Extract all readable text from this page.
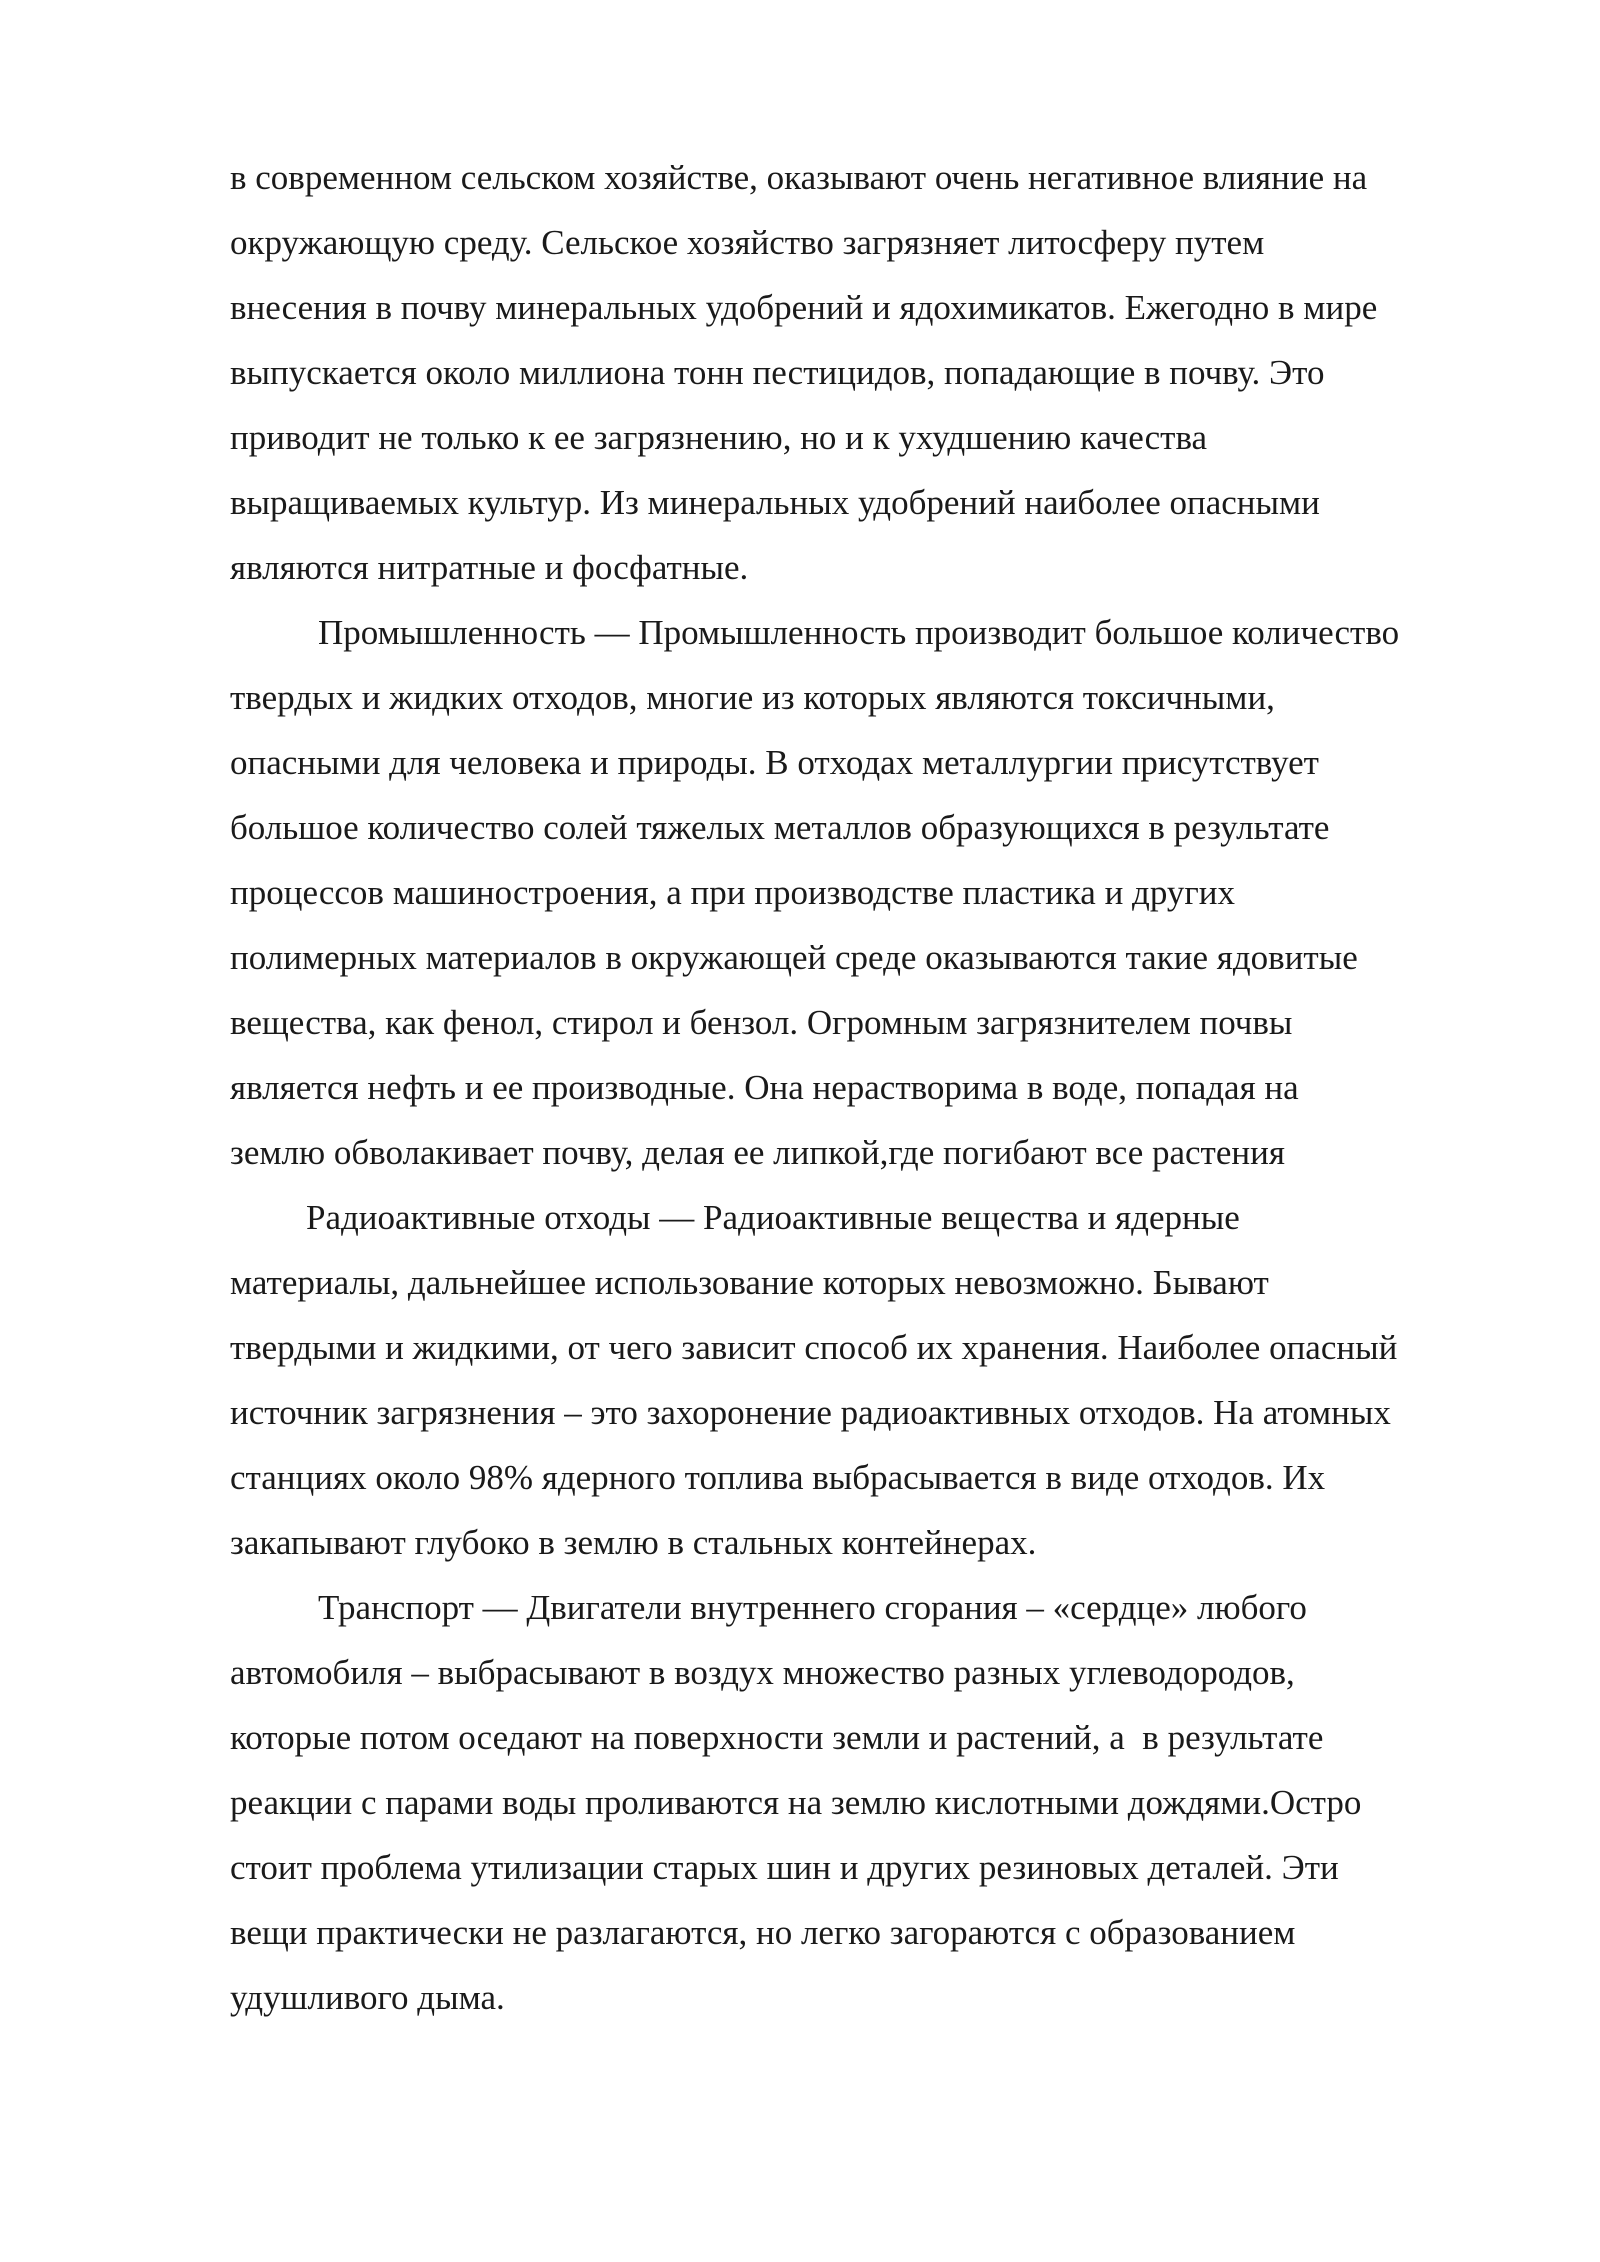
в современном сельском хозяйстве, оказывают очень негативное влияние на
окружающую среду. Сельское хозяйство загрязняет литосферу путем
внесения в почву минеральных удобрений и ядохимикатов. Ежегодно в мире
выпускается около миллиона тонн пестицидов, попадающие в почву. Это
приводит не только к ее загрязнению, но и к ухудшению качества
выращиваемых культур. Из минеральных удобрений наиболее опасными
являются нитратные и фосфатные.
Промышленность — Промышленность производит большое количество
твердых и жидких отходов, многие из которых являются токсичными,
опасными для человека и природы. В отходах металлургии присутствует
большое количество солей тяжелых металлов образующихся в результате
процессов машиностроения, а при производстве пластика и других
полимерных материалов в окружающей среде оказываются такие ядовитые
вещества, как фенол, стирол и бензол. Огромным загрязнителем почвы
является нефть и ее производные. Она нерастворима в воде, попадая на
землю обволакивает почву, делая ее липкой,где погибают все растения
Радиоактивные отходы — Радиоактивные вещества и ядерные
материалы, дальнейшее использование которых невозможно. Бывают
твердыми и жидкими, от чего зависит способ их хранения. Наиболее опасный
источник загрязнения – это захоронение радиоактивных отходов. На атомных
станциях около 98% ядерного топлива выбрасывается в виде отходов. Их
закапывают глубоко в землю в стальных контейнерах.
Транспорт — Двигатели внутреннего сгорания – «сердце» любого
автомобиля – выбрасывают в воздух множество разных углеводородов,
которые потом оседают на поверхности земли и растений, а  в результате
реакции с парами воды проливаются на землю кислотными дождями.Остро
стоит проблема утилизации старых шин и других резиновых деталей. Эти
вещи практически не разлагаются, но легко загораются с образованием
удушливого дыма.
